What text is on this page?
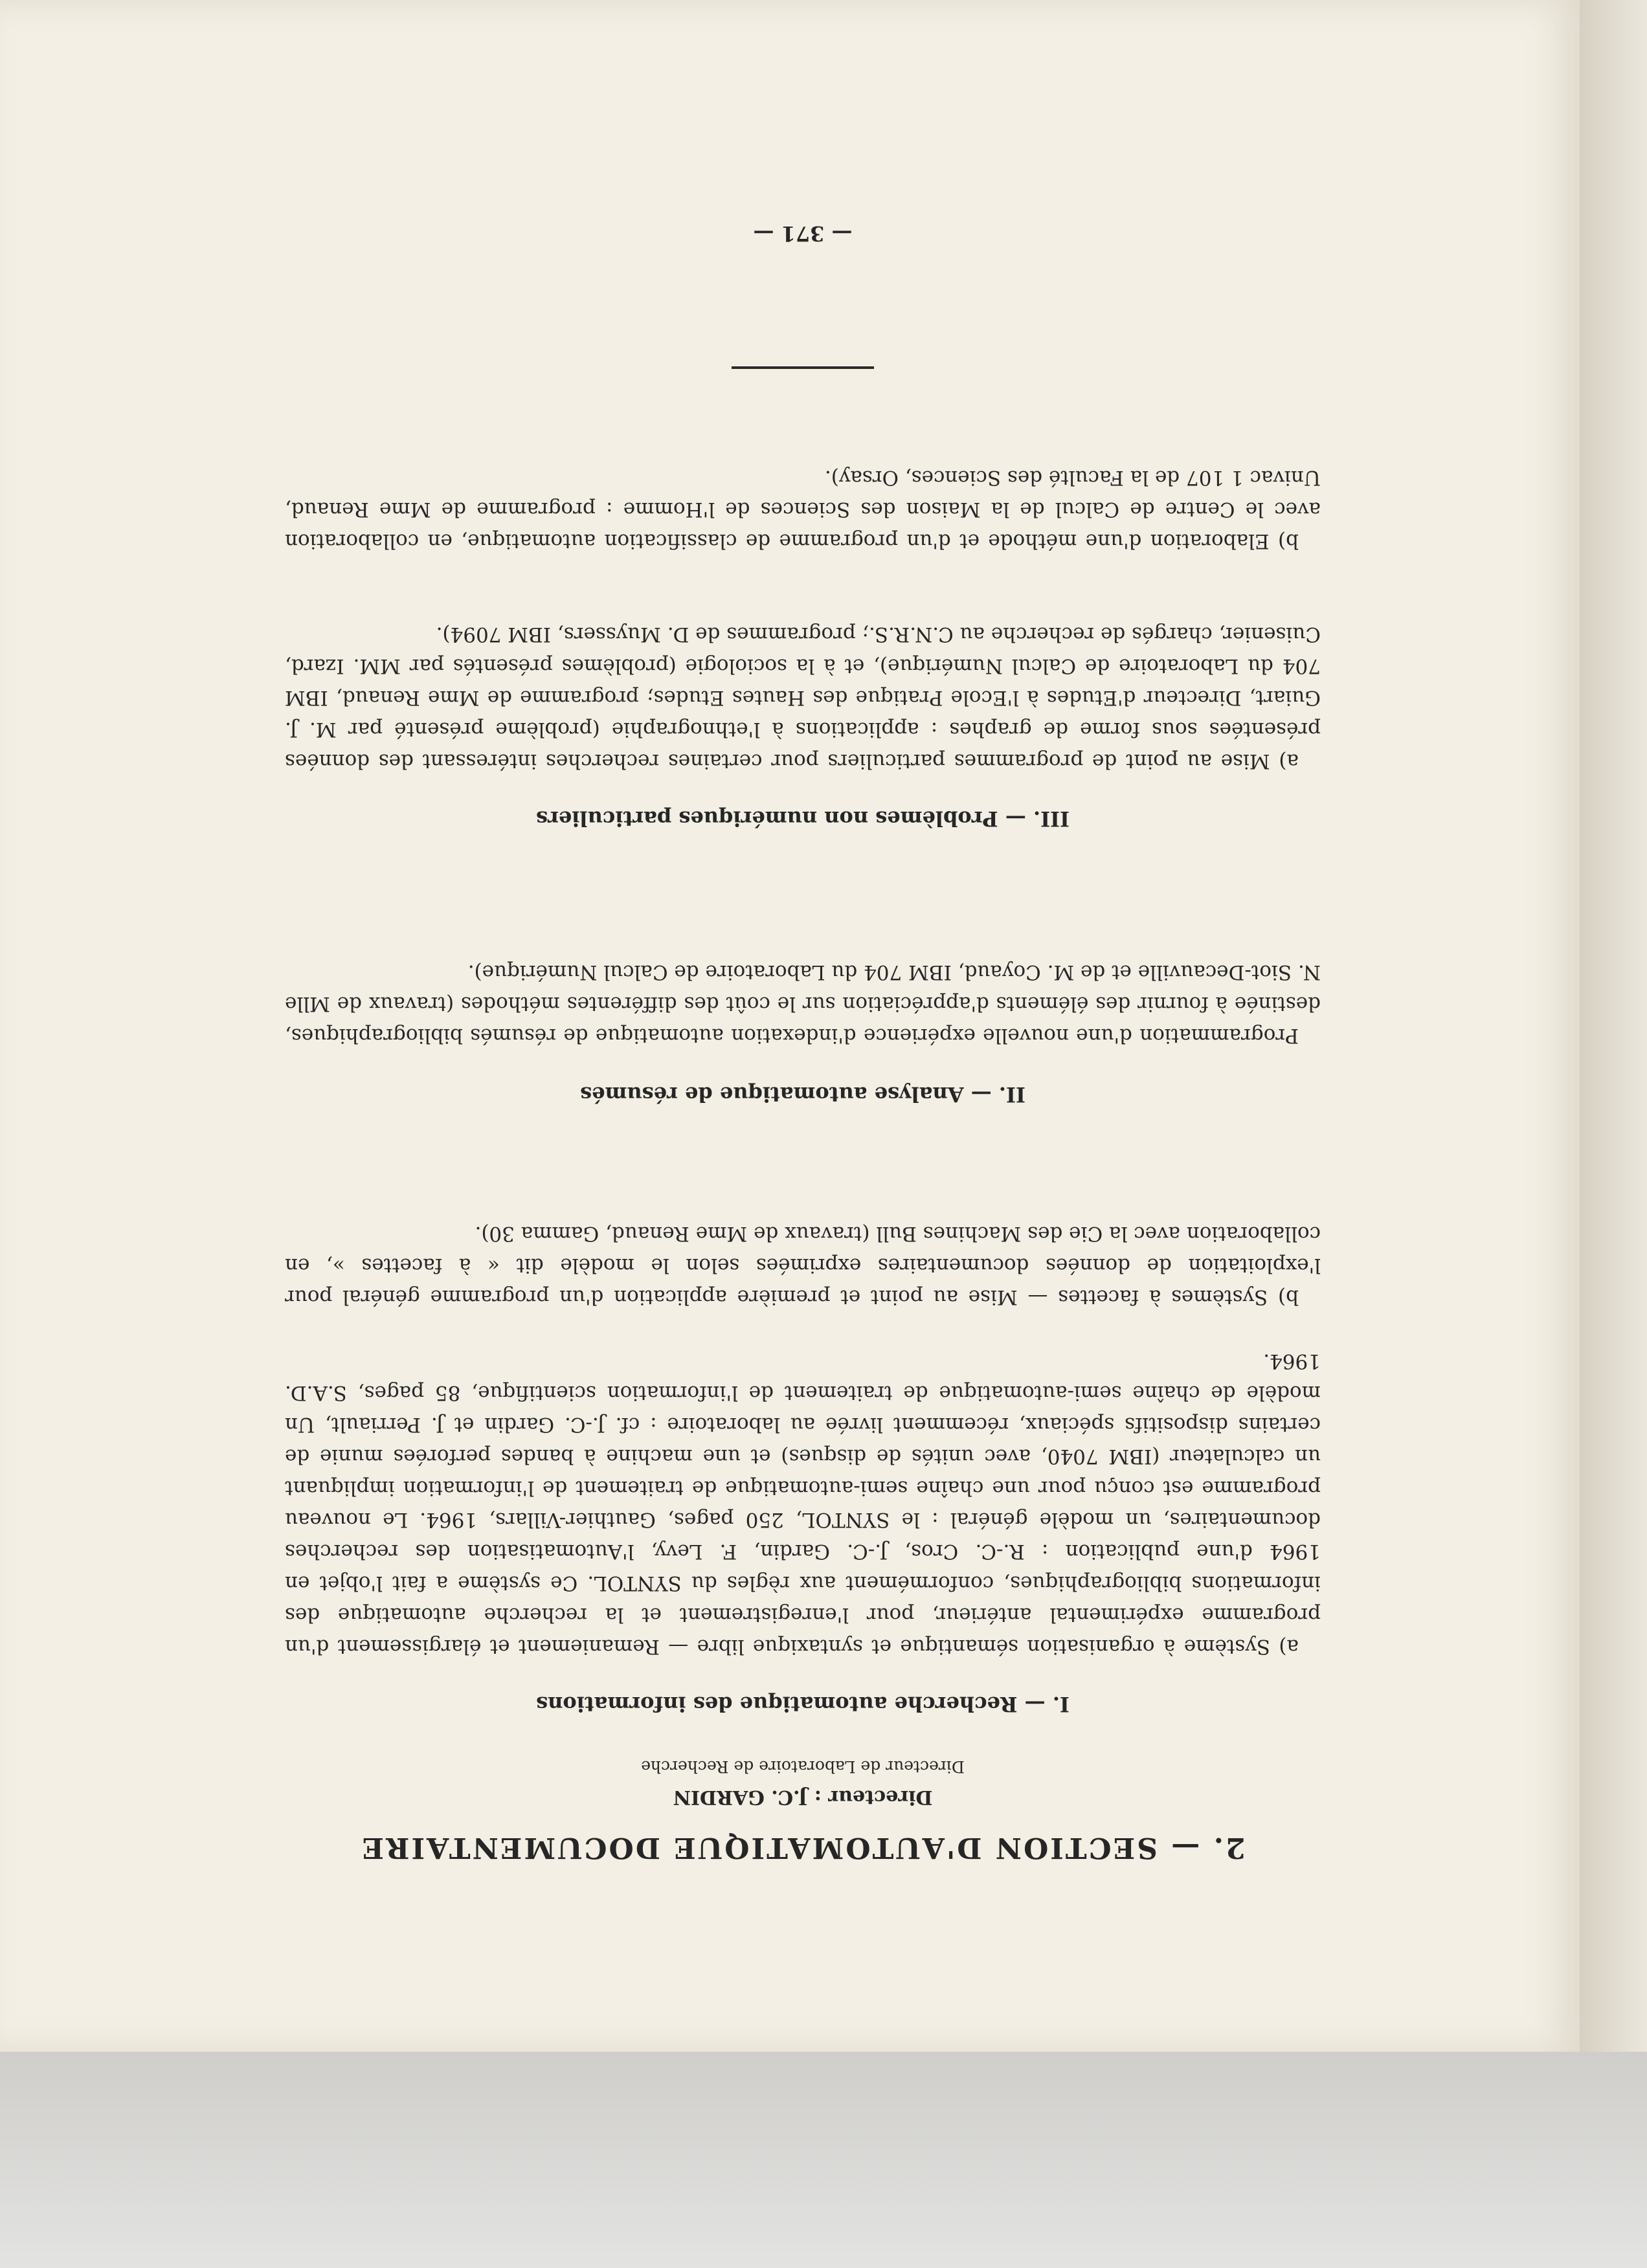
2. — SECTION D'AUTOMATIQUE DOCUMENTAIRE
Directeur : J.C. GARDIN
Directeur de Laboratoire de Recherche
I. — Recherche automatique des informations

a) Système à organisation sémantique et syntaxique libre — Remaniement et élargissement d'un programme expérimental antérieur, pour l'enregistrement et la recherche automatique des informations bibliographiques, conformément aux règles du SYNTOL. Ce système a fait l'objet en 1964 d'une publication : R.-C. Cros, J.-C. Gardin, F. Levy, l'Automatisation des recherches documentaires, un modèle général : le SYNTOL, 250 pages, Gauthier-Villars, 1964. Le nouveau programme est conçu pour une chaîne semi-automatique de traitement de l'information impliquant un calculateur (IBM 7040, avec unités de disques) et une machine à bandes perforées munie de certains dispositifs spéciaux, récemment livrée au laboratoire : cf. J.-C. Gardin et J. Perriault, Un modèle de chaîne semi-automatique de traitement de l'information scientifique, 85 pages, S.A.D. 1964.

b) Systèmes à facettes — Mise au point et première application d'un programme général pour l'exploitation de données documentaires exprimées selon le modèle dit « à facettes », en collaboration avec la Cie des Machines Bull (travaux de Mme Renaud, Gamma 30).

II. — Analyse automatique de résumés

Programmation d'une nouvelle expérience d'indexation automatique de résumés bibliographiques, destinée à fournir des éléments d'appréciation sur le coût des différentes méthodes (travaux de Mlle N. Siot-Decauville et de M. Coyaud, IBM 704 du Laboratoire de Calcul Numérique).

III. — Problèmes non numériques particuliers

a) Mise au point de programmes particuliers pour certaines recherches intéressant des données présentées sous forme de graphes : applications à l'ethnographie (problème présenté par M. J. Guiart, Directeur d'Etudes à l'Ecole Pratique des Hautes Etudes; programme de Mme Renaud, IBM 704 du Laboratoire de Calcul Numérique), et à la sociologie (problèmes présentés par MM. Izard, Cuisenier, chargés de recherche au C.N.R.S.; programmes de D. Muyssers, IBM 7094).

b) Elaboration d'une méthode et d'un programme de classification automatique, en collaboration avec le Centre de Calcul de la Maison des Sciences de l'Homme : programme de Mme Renaud, Univac 1 107 de la Faculté des Sciences, Orsay).

— 371 —
